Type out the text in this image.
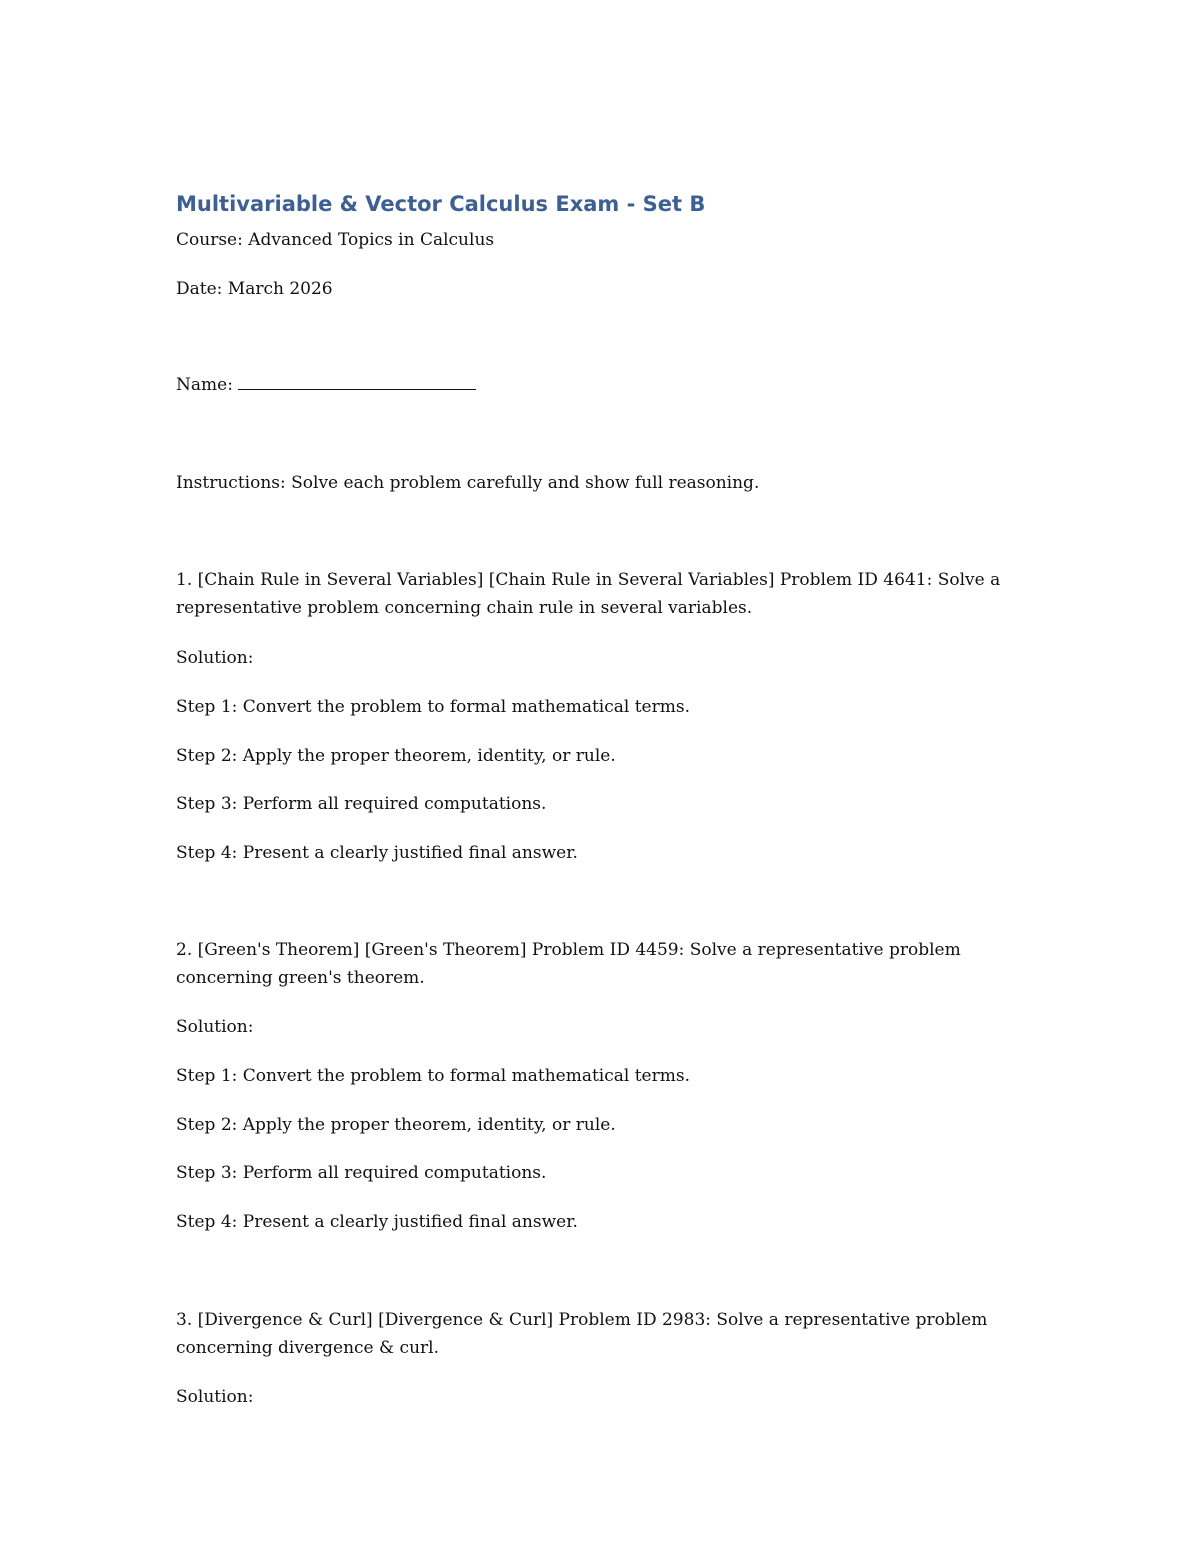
Multivariable & Vector Calculus Exam - Set B
Course: Advanced Topics in Calculus
Date: March 2026
Name:
Instructions: Solve each problem carefully and show full reasoning.
1. [Chain Rule in Several Variables] [Chain Rule in Several Variables] Problem ID 4641: Solve a representative problem concerning chain rule in several variables.
Solution:
Step 1: Convert the problem to formal mathematical terms.
Step 2: Apply the proper theorem, identity, or rule.
Step 3: Perform all required computations.
Step 4: Present a clearly justified final answer.
2. [Green's Theorem] [Green's Theorem] Problem ID 4459: Solve a representative problem concerning green's theorem.
Solution:
Step 1: Convert the problem to formal mathematical terms.
Step 2: Apply the proper theorem, identity, or rule.
Step 3: Perform all required computations.
Step 4: Present a clearly justified final answer.
3. [Divergence & Curl] [Divergence & Curl] Problem ID 2983: Solve a representative problem concerning divergence & curl.
Solution:
